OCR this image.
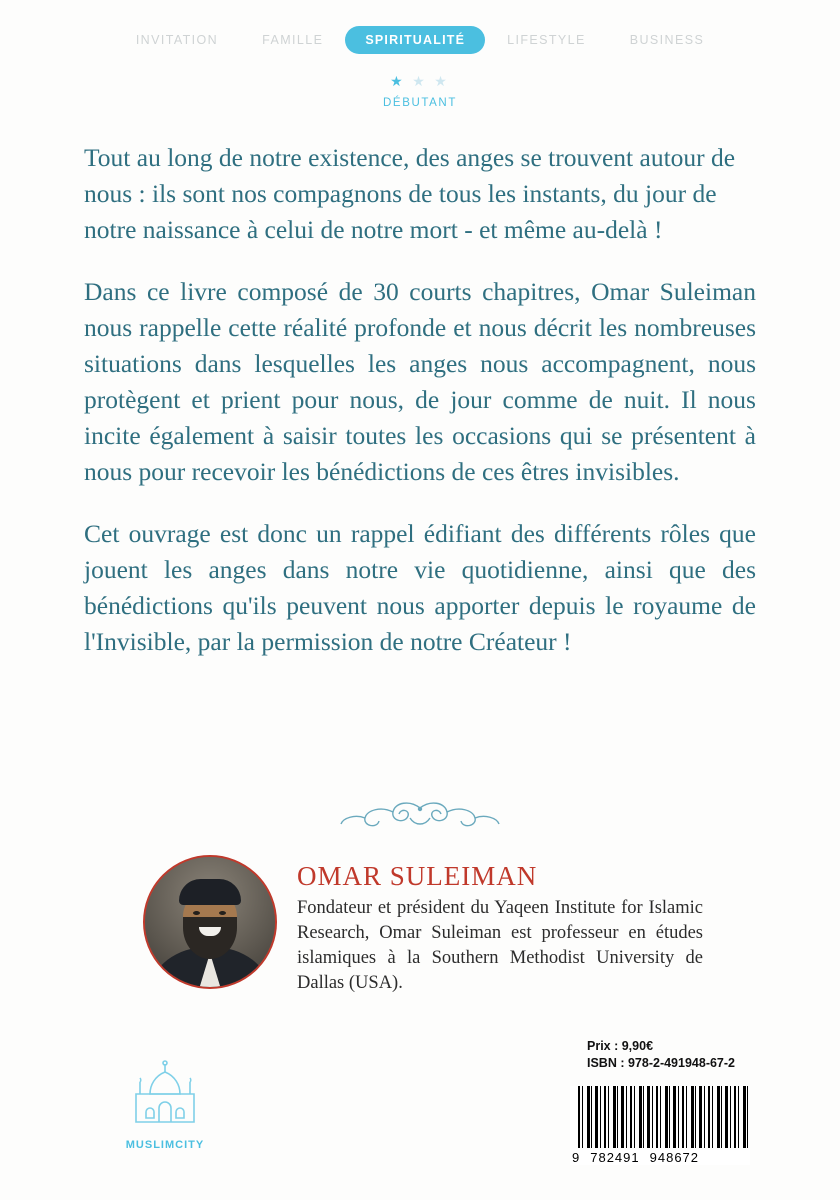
INVITATION	FAMILLE	SPIRITUALITÉ	LIFESTYLE	BUSINESS
★ ★ ★
DÉBUTANT

Tout au long de notre existence, des anges se trouvent autour de nous : ils sont nos compagnons de tous les instants, du jour de notre naissance à celui de notre mort - et même au-delà !

Dans ce livre composé de 30 courts chapitres, Omar Suleiman nous rappelle cette réalité profonde et nous décrit les nombreuses situations dans lesquelles les anges nous accompagnent, nous protègent et prient pour nous, de jour comme de nuit. Il nous incite également à saisir toutes les occasions qui se présentent à nous pour recevoir les bénédictions de ces êtres invisibles.

Cet ouvrage est donc un rappel édifiant des différents rôles que jouent les anges dans notre vie quotidienne, ainsi que des bénédictions qu'ils peuvent nous apporter depuis le royaume de l'Invisible, par la permission de notre Créateur !

OMAR SULEIMAN

Fondateur et président du Yaqeen Institute for Islamic Research, Omar Suleiman est professeur en études islamiques à la Southern Methodist University de Dallas (USA).

MUSLIMCITY
Prix : 9,90€
ISBN : 978-2-491948-67-2
9 782491 948672
